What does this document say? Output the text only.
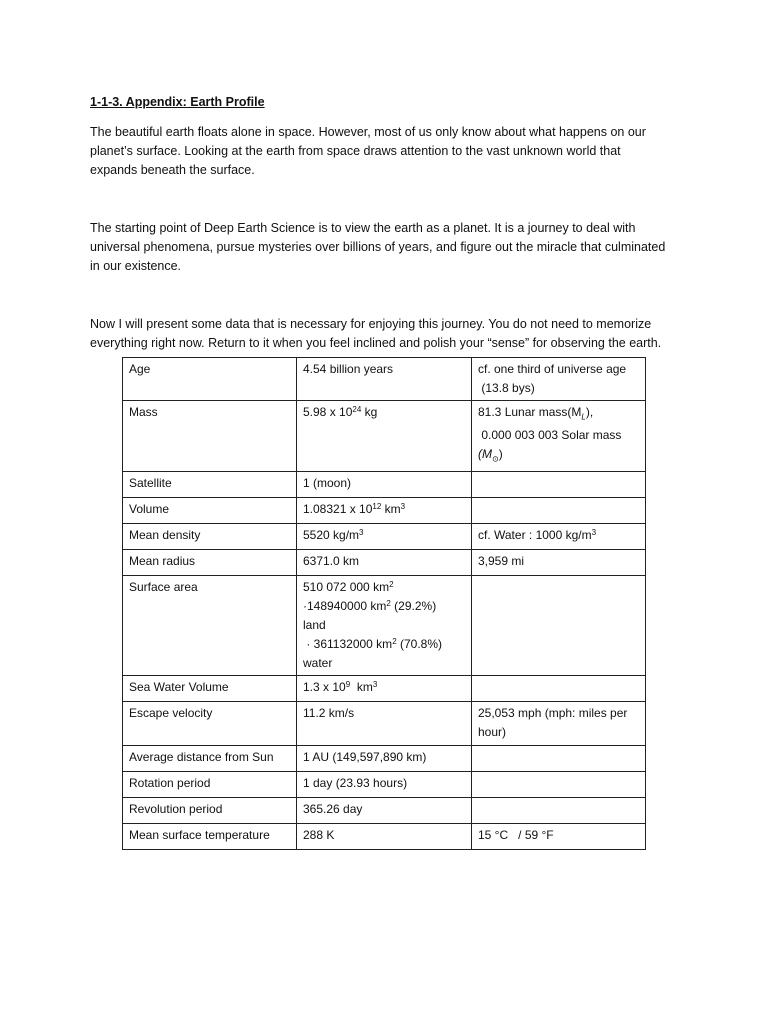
1-1-3. Appendix: Earth Profile

The beautiful earth floats alone in space. However, most of us only know about what happens on our planet’s surface. Looking at the earth from space draws attention to the vast unknown world that expands beneath the surface.

The starting point of Deep Earth Science is to view the earth as a planet. It is a journey to deal with universal phenomena, pursue mysteries over billions of years, and figure out the miracle that culminated in our existence.

Now I will present some data that is necessary for enjoying this journey. You do not need to memorize everything right now. Return to it when you feel inclined and polish your “sense” for observing the earth.

Age	4.54 billion years	cf. one third of universe age
(13.8 bys)
Mass	5.98 x $10^{24}$ kg	81.3 Lunar $mass(M_L)$,
0.000 003 003 Solar mass
$(M_⊙)$
Satellite	1 (moon)	
Volume	1.08321 x $10^{12}$ $km^3$	
Mean density	5520 $kg/m^3$	cf. Water : 1000 $kg/m^3$
Mean radius	6371.0 km	3,959 mi
Surface area	510 072 000 $km^2$
·148940000 $km^2$ (29.2%)
land
· 361132000 $km^2$ (70.8%)
water	
Sea Water Volume	1.3 x $10^9$  $km^3$	
Escape velocity	11.2 km/s	25,053 mph (mph: miles per
hour)
Average distance from Sun	1 AU (149,597,890 km)	
Rotation period	1 day (23.93 hours)	
Revolution period	365.26 day	
Mean surface temperature	288 K	15 °C   / 59 °F
